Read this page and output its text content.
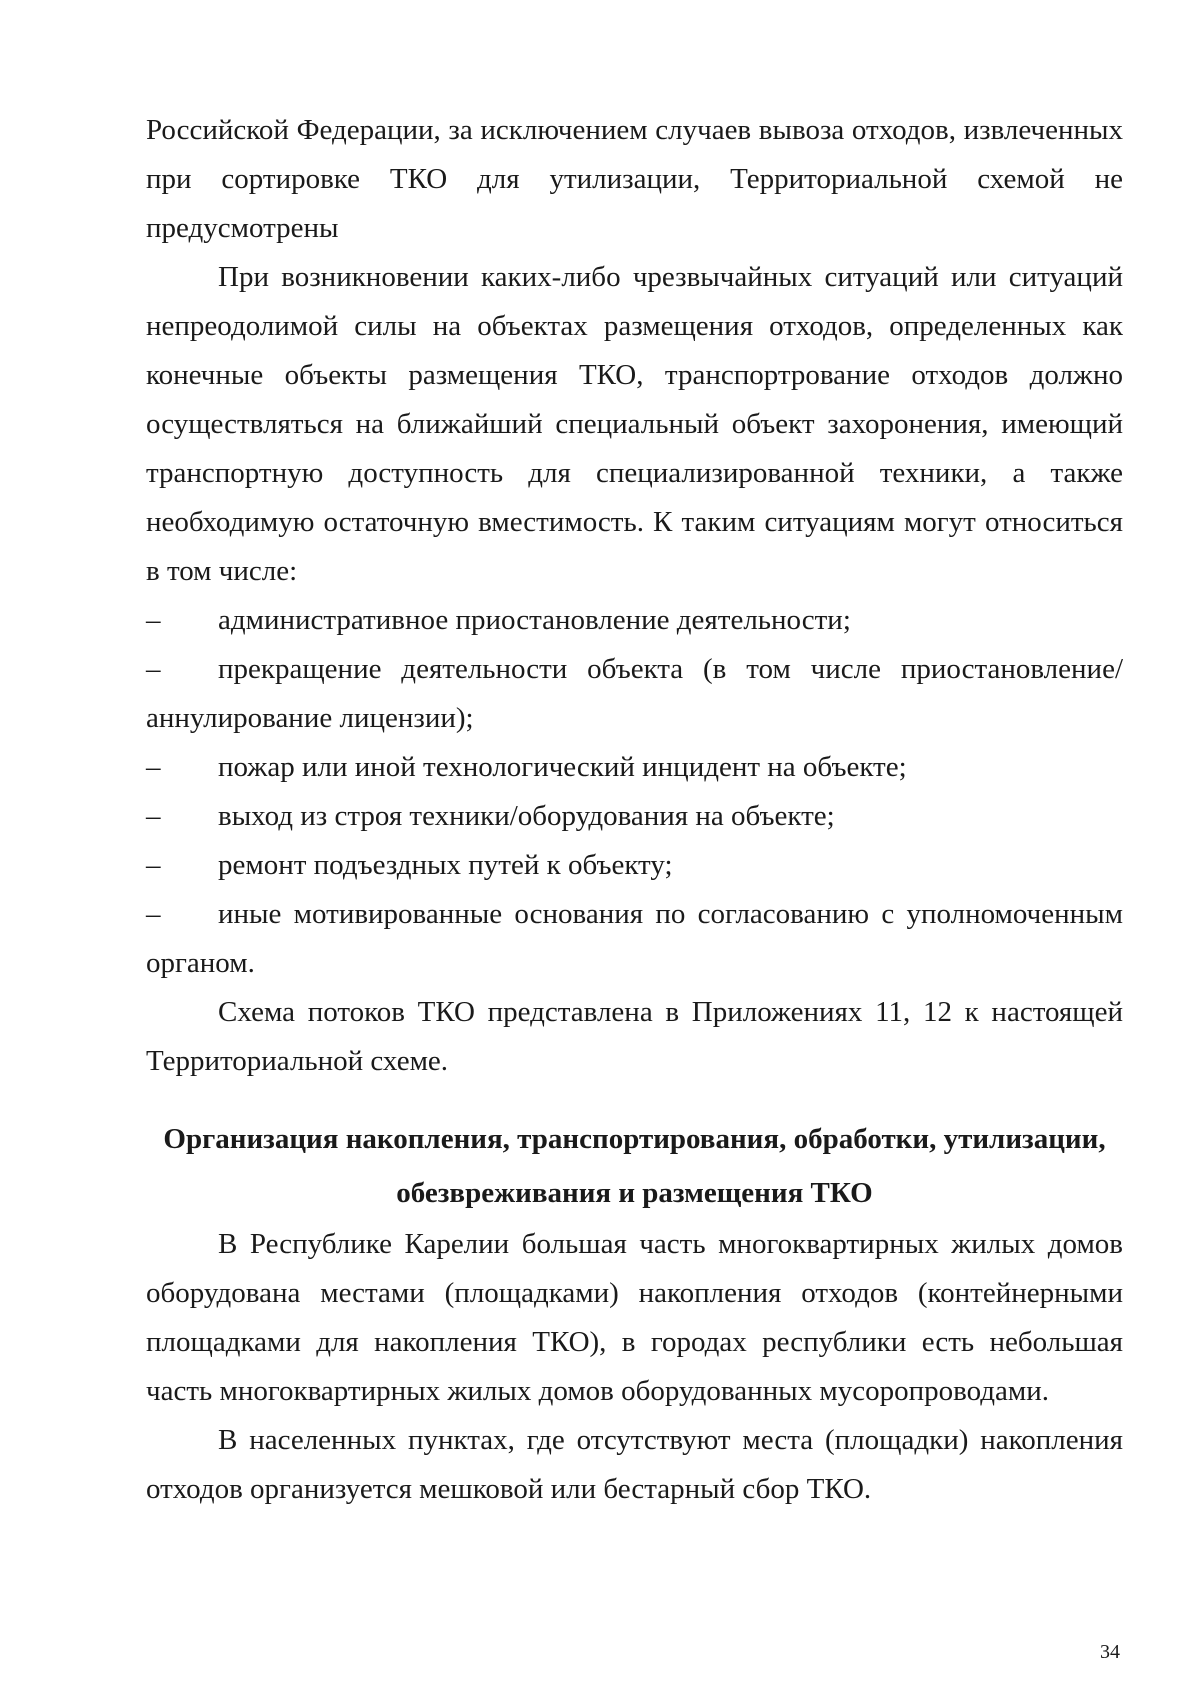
Российской Федерации, за исключением случаев вывоза отходов, извлеченных при сортировке ТКО для утилизации, Территориальной схемой не предусмотрены

При возникновении каких-либо чрезвычайных ситуаций или ситуаций непреодолимой силы на объектах размещения отходов, определенных как конечные объекты размещения ТКО, транспортрование отходов должно осуществляться на ближайший специальный объект захоронения, имеющий транспортную доступность для специализированной техники, а также необходимую остаточную вместимость. К таким ситуациям могут относиться в том числе:

– административное приостановление деятельности;

– прекращение деятельности объекта (в том числе приостановление/ аннулирование лицензии);

– пожар или иной технологический инцидент на объекте;

– выход из строя техники/оборудования на объекте;

– ремонт подъездных путей к объекту;

– иные мотивированные основания по согласованию с уполномоченным органом.

Схема потоков ТКО представлена в Приложениях 11, 12 к настоящей Территориальной схеме.

Организация накопления, транспортирования, обработки, утилизации,
обезвреживания и размещения ТКО

В Республике Карелии большая часть многоквартирных жилых домов оборудована местами (площадками) накопления отходов (контейнерными площадками для накопления ТКО), в городах республики есть небольшая часть многоквартирных жилых домов оборудованных мусоропроводами.

В населенных пунктах, где отсутствуют места (площадки) накопления отходов организуется мешковой или бестарный сбор ТКО.

34
